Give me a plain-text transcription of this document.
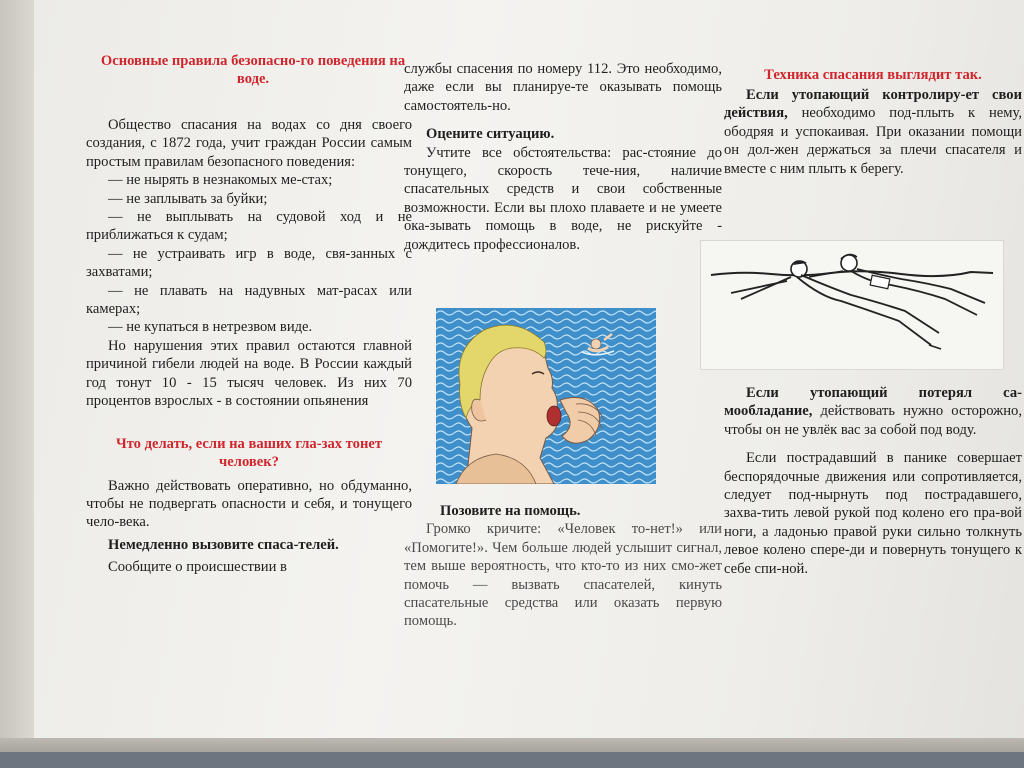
Основные правила безопасно-го поведения на воде.

Общество спасания на водах со дня своего создания, с 1872 года, учит граждан России самым простым правилам безопасного поведения:

— не нырять в незнакомых ме-стах;

— не заплывать за буйки;

— не выплывать на судовой ход и не приближаться к судам;

— не устраивать игр в воде, свя-занных с захватами;

— не плавать на надувных мат-расах или камерах;

— не купаться в нетрезвом виде.

Но нарушения этих правил остаются главной причиной гибели людей на воде. В России каждый год тонут 10 - 15 тысяч человек. Из них 70 процентов взрослых - в состоянии опьянения

Что делать, если на ваших гла-зах тонет человек?

Важно действовать оперативно, но обдуманно, чтобы не подвергать опасности и себя, и тонущего чело-века.

Немедленно вызовите спаса-телей.

Сообщите о происшествии в

службы спасения по номеру 112. Это необходимо, даже если вы планируе-те оказывать помощь самостоятель-но.

Оцените ситуацию.

Учтите все обстоятельства: рас-стояние до тонущего, скорость тече-ния, наличие спасательных средств и свои собственные возможности. Если вы плохо плаваете и не умеете ока-зывать помощь в воде, не рискуйте - дождитесь профессионалов.

Позовите на помощь.

Громко кричите: «Человек то-нет!» или «Помогите!». Чем больше людей услышит сигнал, тем выше вероятность, что кто-то из них смо-жет помочь — вызвать спасателей, кинуть спасательные средства или оказать первую помощь.

Техника спасания выглядит так.

Если утопающий контролиру-ет свои действия, необходимо под-плыть к нему, ободряя и успокаивая. При оказании помощи он дол-жен держаться за плечи спасателя и вместе с ним плыть к берегу.

Если утопающий потерял са-мообладание, действовать нужно осторожно, чтобы он не увлёк вас за собой под воду.

Если пострадавший в панике совершает беспорядочные движения или сопротивляется, следует под-нырнуть под пострадавшего, захва-тить левой рукой под колено его пра-вой ноги, а ладонью правой руки сильно толкнуть левое колено спере-ди и повернуть тонущего к себе спи-ной.
